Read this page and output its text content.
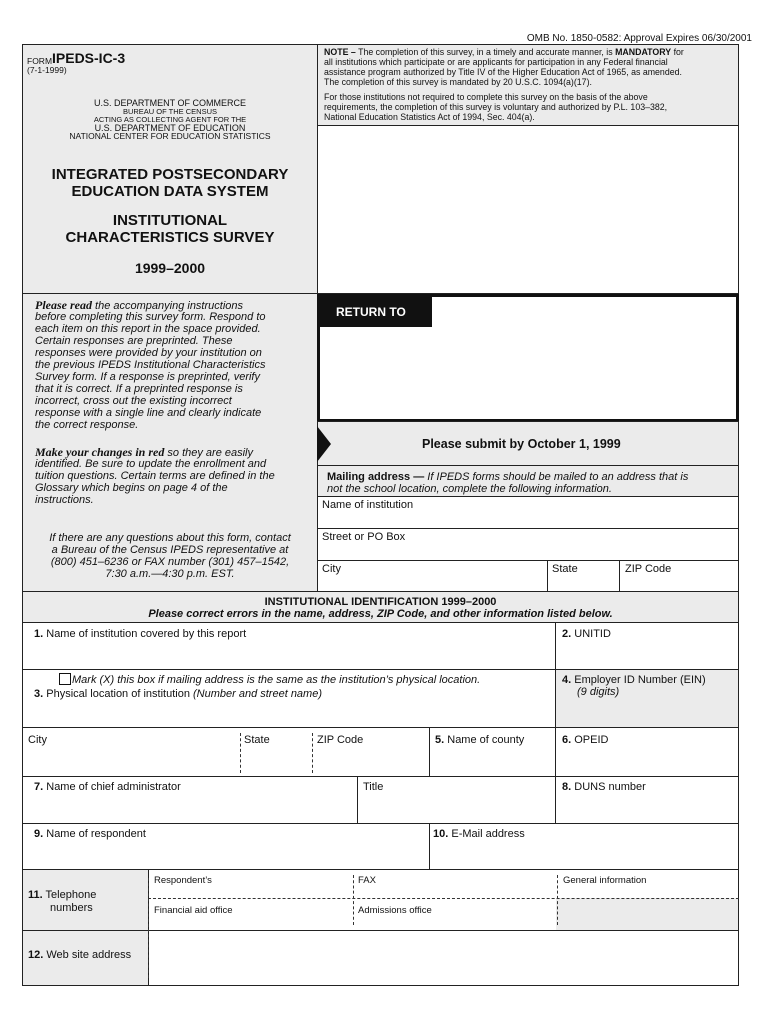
OMB No. 1850-0582: Approval Expires 06/30/2001
FORM IPEDS-IC-3
(7-1-1999)
U.S. DEPARTMENT OF COMMERCE
BUREAU OF THE CENSUS
ACTING AS COLLECTING AGENT FOR THE
U.S. DEPARTMENT OF EDUCATION
NATIONAL CENTER FOR EDUCATION STATISTICS
INTEGRATED POSTSECONDARY
EDUCATION DATA SYSTEM
INSTITUTIONAL
CHARACTERISTICS SURVEY
1999–2000
NOTE – The completion of this survey, in a timely and accurate manner, is MANDATORY for
all institutions which participate or are applicants for participation in any Federal financial
assistance program authorized by Title IV of the Higher Education Act of 1965, as amended.
The completion of this survey is mandated by 20 U.S.C. 1094(a)(17).
For those institutions not required to complete this survey on the basis of the above
requirements, the completion of this survey is voluntary and authorized by P.L. 103–382,
National Education Statistics Act of 1994, Sec. 404(a).
Please read the accompanying instructions
before completing this survey form. Respond to
each item on this report in the space provided.
Certain responses are preprinted. These
responses were provided by your institution on
the previous IPEDS Institutional Characteristics
Survey form. If a response is preprinted, verify
that it is correct. If a preprinted response is
incorrect, cross out the existing incorrect
response with a single line and clearly indicate
the correct response.
Make your changes in red so they are easily
identified. Be sure to update the enrollment and
tuition questions. Certain terms are defined in the
Glossary which begins on page 4 of the
instructions.
If there are any questions about this form, contact
a Bureau of the Census IPEDS representative at
(800) 451–6236 or FAX number (301) 457–1542,
7:30 a.m.—4:30 p.m. EST.
RETURN TO
Please submit by October 1, 1999
Mailing address — If IPEDS forms should be mailed to an address that is
not the school location, complete the following information.
Name of institution
Street or PO Box
City	State	ZIP Code
INSTITUTIONAL IDENTIFICATION 1999–2000
Please correct errors in the name, address, ZIP Code, and other information listed below.
1. Name of institution covered by this report	2. UNITID
Mark (X) this box if mailing address is the same as the institution’s physical location.
3. Physical location of institution (Number and street name)
4. Employer ID Number (EIN)
(9 digits)
City	State	ZIP Code	5. Name of county	6. OPEID
7. Name of chief administrator	Title	8. DUNS number
9. Name of respondent	10. E-Mail address
11. Telephone
numbers
Respondent’s	FAX	General information
Financial aid office	Admissions office
12. Web site address
